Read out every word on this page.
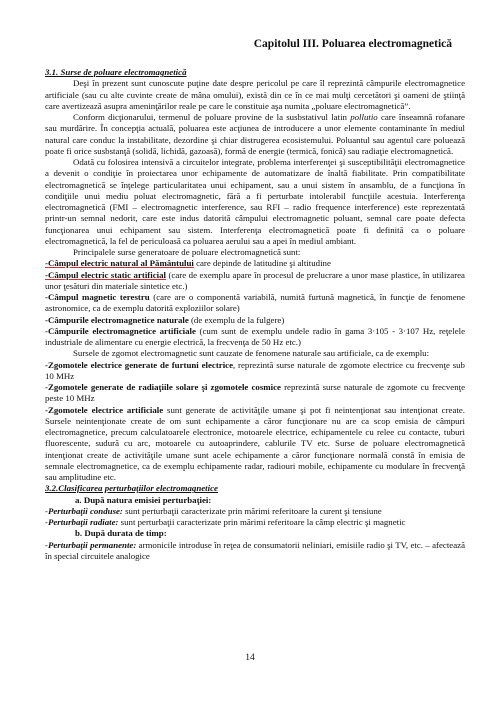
Capitolul III. Poluarea electromagnetică

3.1. Surse de poluare electromagnetică

Deşi în prezent sunt cunoscute puţine date despre pericolul pe care îl reprezintă câmpurile electromagnetice artificiale (sau cu alte cuvinte create de mâna omului), există din ce în ce mai mulţi cercetători şi oameni de ştiinţă care avertizează asupra ameninţărilor reale pe care le constituie aşa numita „poluare electromagnetică”.

Conform dicţionarului, termenul de poluare provine de la susbstativul latin pollutio care înseamnă rofanare sau murdărire. În concepţia actuală, poluarea este acţiunea de introducere a unor elemente contaminante în mediul natural care conduc la instabilitate, dezordine şi chiar distrugerea ecosistemului. Poluantul sau agentul care poluează poate fi orice susbstanţă (solidă, lichidă, gazoasă), formă de energie (termică, fonică) sau radiaţie electromagnetică.

Odată cu folosirea intensivă a circuitelor integrate, problema interferenţei şi susceptibilităţii electromagnetice a devenit o condiţie în proiectarea unor echipamente de automatizare de înaltă fiabilitate. Prin compatibilitate electromagnetică se înţelege particularitatea unui echipament, sau a unui sistem în ansamblu, de a funcţiona în condiţiile unui mediu poluat electromagnetic, fără a fi perturbate intolerabil funcţiile acestuia. Interferenţa electromagnetică (FMI – electromagnetic interference, sau RFI – radio frequence interference) este reprezentată printr-un semnal nedorit, care este indus datorită câmpului electromagnetic poluant, semnal care poate defecta funcţionarea unui echipament sau sistem. Interferenţa electromagnetică poate fi definită ca o poluare electromagnetică, la fel de periculoasă ca poluarea aerului sau a apei în mediul ambiant.

Principalele surse generatoare de poluare electromagnetică sunt:

-Câmpul electric natural al Pământului care depinde de latitudine şi altitudine

-Câmpul electric static artificial (care de exemplu apare în procesul de prelucrare a unor mase plastice, în utilizarea unor ţesături din materiale sintetice etc.)

-Câmpul magnetic terestru (care are o componentă variabilă, numită furtună magnetică, în funcţie de fenomene astronomice, ca de exemplu datorită exploziilor solare)

-Câmpurile electromagnetice naturale (de exemplu de la fulgere)

-Câmpurile electromagnetice artificiale (cum sunt de exemplu undele radio în gama 3·105 - 3·107 Hz, reţelele industriale de alimentare cu energie electrică, la frecvenţa de 50 Hz etc.)

Sursele de zgomot electromagnetic sunt cauzate de fenomene naturale sau artificiale, ca de exemplu:

-Zgomotele electrice generate de furtuni electrice, reprezintă surse naturale de zgomote electrice cu frecvenţe sub 10 MHz

-Zgomotele generate de radiaţiile solare şi zgomotele cosmice reprezintă surse naturale de zgomote cu frecvenţe peste 10 MHz

-Zgomotele electrice artificiale sunt generate de activităţile umane şi pot fi neintenţionat sau intenţionat create. Sursele neintenţionate create de om sunt echipamente a căror funcţionare nu are ca scop emisia de câmpuri electromagnetice, precum calculatoarele electronice, motoarele electrice, echipamentele cu relee cu contacte, tuburi fluorescente, sudură cu arc, motoarele cu autoaprindere, cablurile TV etc. Surse de poluare electromagnetică intenţionat create de activităţile umane sunt acele echipamente a căror funcţionare normală constă în emisia de semnale electromagnetice, ca de exemplu echipamente radar, radiouri mobile, echipamente cu modulare în frecvenţă sau amplitudine etc.

3.2.Clasificarea perturbaţiilor electromagnetice

a. După natura emisiei perturbaţiei:

-Perturbaţii conduse: sunt perturbaţii caracterizate prin mărimi referitoare la curent şi tensiune

-Perturbaţii radiate: sunt perturbaţii caracterizate prin mărimi referitoare la câmp electric şi magnetic

b. După durata de timp:

-Perturbaţii permanente: armonicile introduse în reţea de consumatorii neliniari, emisiile radio şi TV, etc. – afectează în special circuitele analogice

14
